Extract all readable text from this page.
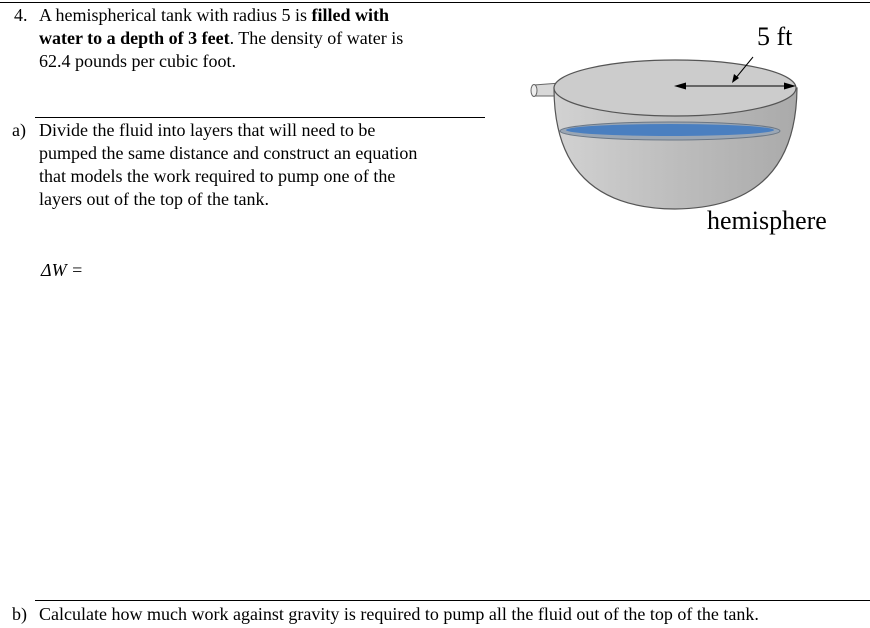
4. A hemispherical tank with radius 5 is filled with
water to a depth of 3 feet. The density of water is
62.4 pounds per cubic foot.
a) Divide the fluid into layers that will need to be
pumped the same distance and construct an equation
that models the work required to pump one of the
layers out of the top of the tank.
ΔW =
5 ft
hemisphere
b) Calculate how much work against gravity is required to pump all the fluid out of the top of the tank.
